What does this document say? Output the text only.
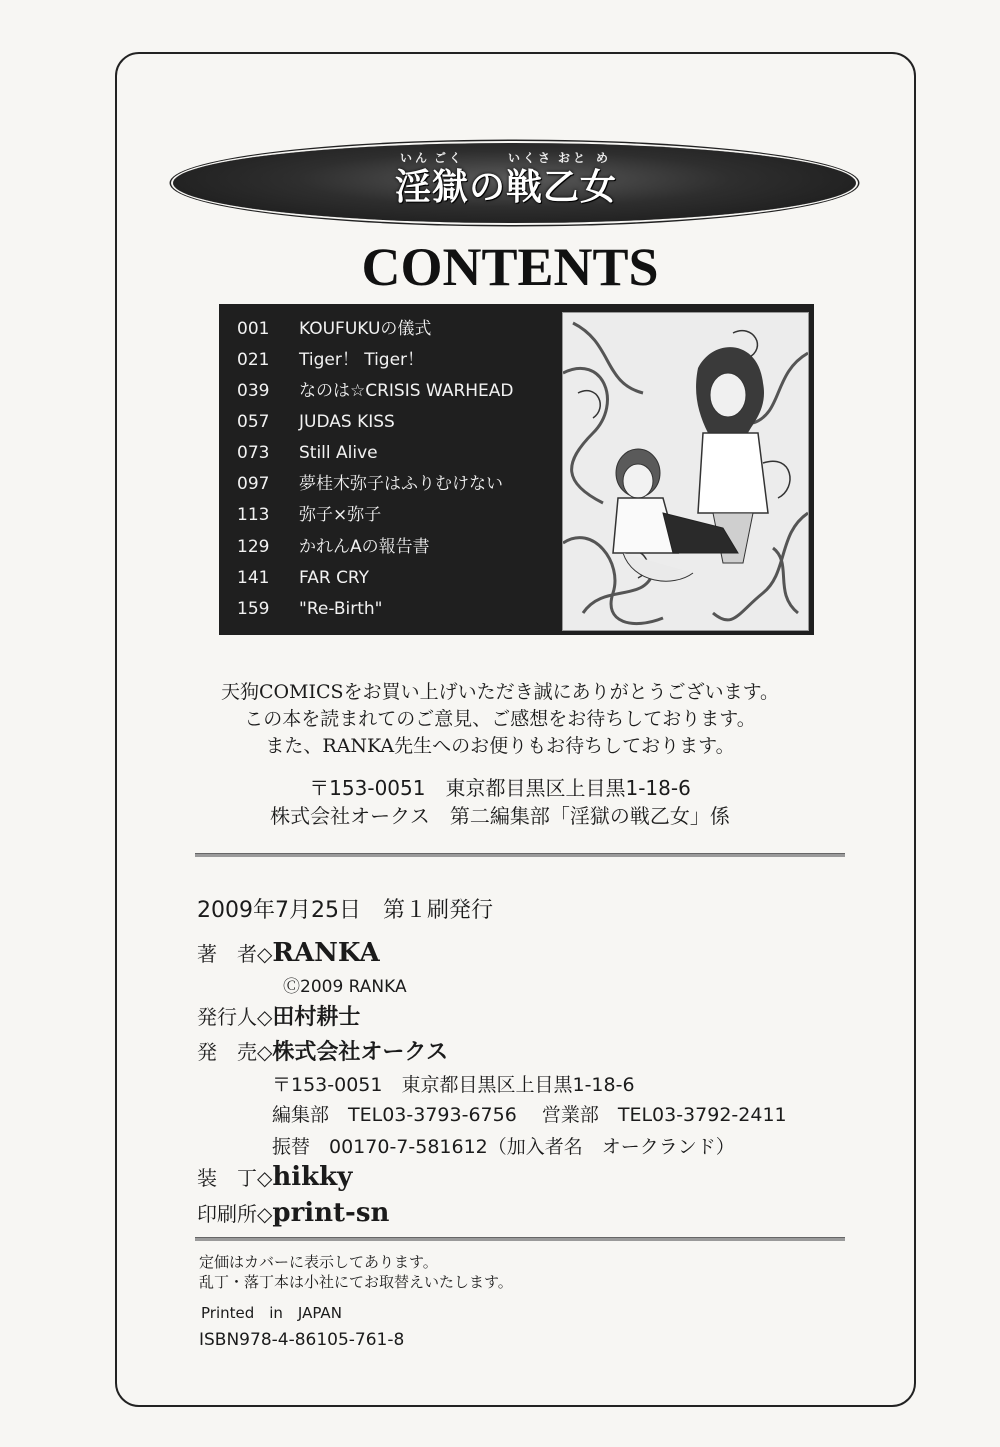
いん ごく	いくさ おと め
淫獄の戦乙女
CONTENTS
001	KOUFUKUの儀式
021	Tiger！ Tiger！
039	なのは☆CRISIS WARHEAD
057	JUDAS KISS
073	Still Alive
097	夢桂木弥子はふりむけない
113	弥子×弥子
129	かれんAの報告書
141	FAR CRY
159	"Re-Birth"
天狗COMICSをお買い上げいただき誠にありがとうございます。
この本を読まれてのご意見、ご感想をお待ちしております。
また、RANKA先生へのお便りもお待ちしております。
〒153-0051　東京都目黒区上目黒1-18-6
株式会社オークス　第二編集部「淫獄の戦乙女」係
2009年7月25日　第１刷発行
著　者◇RANKA
Ⓒ2009 RANKA
発行人◇田村耕士
発　売◇株式会社オークス
〒153-0051　東京都目黒区上目黒1-18-6
編集部　TEL03-3793-6756　 営業部　TEL03-3792-2411
振替　00170-7-581612（加入者名　オークランド）
装　丁◇hikky
印刷所◇print-sn
定価はカバーに表示してあります。
乱丁・落丁本は小社にてお取替えいたします。
Printed　in　JAPAN
ISBN978-4-86105-761-8
